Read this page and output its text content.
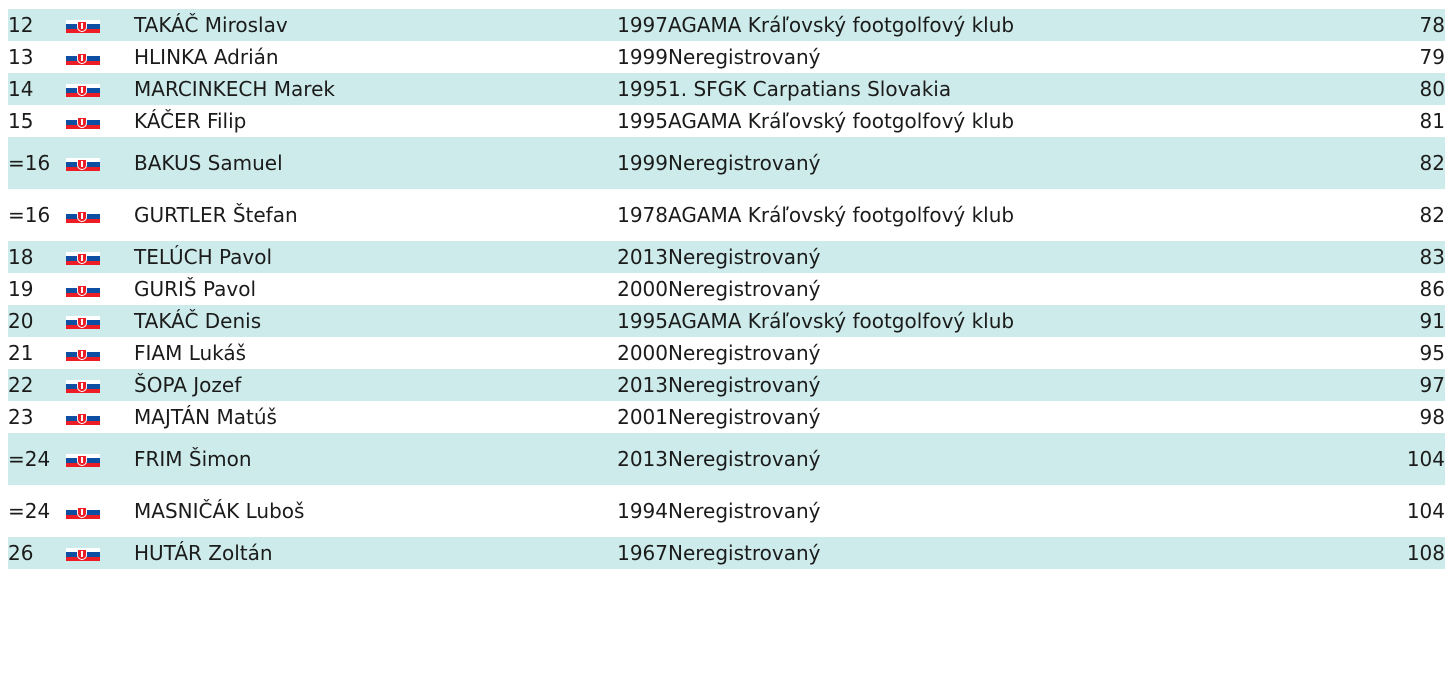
12		TAKÁČ Miroslav	1997	AGAMA Kráľovský footgolfový klub	78
13		HLINKA Adrián	1999	Neregistrovaný	79
14		MARCINKECH Marek	1995	1. SFGK Carpatians Slovakia	80
15		KÁČER Filip	1995	AGAMA Kráľovský footgolfový klub	81
=16		BAKUS Samuel	1999	Neregistrovaný	82
=16		GURTLER Štefan	1978	AGAMA Kráľovský footgolfový klub	82
18		TELÚCH Pavol	2013	Neregistrovaný	83
19		GURIŠ Pavol	2000	Neregistrovaný	86
20		TAKÁČ Denis	1995	AGAMA Kráľovský footgolfový klub	91
21		FIAM Lukáš	2000	Neregistrovaný	95
22		ŠOPA Jozef	2013	Neregistrovaný	97
23		MAJTÁN Matúš	2001	Neregistrovaný	98
=24		FRIM Šimon	2013	Neregistrovaný	104
=24		MASNIČÁK Luboš	1994	Neregistrovaný	104
26		HUTÁR Zoltán	1967	Neregistrovaný	108
